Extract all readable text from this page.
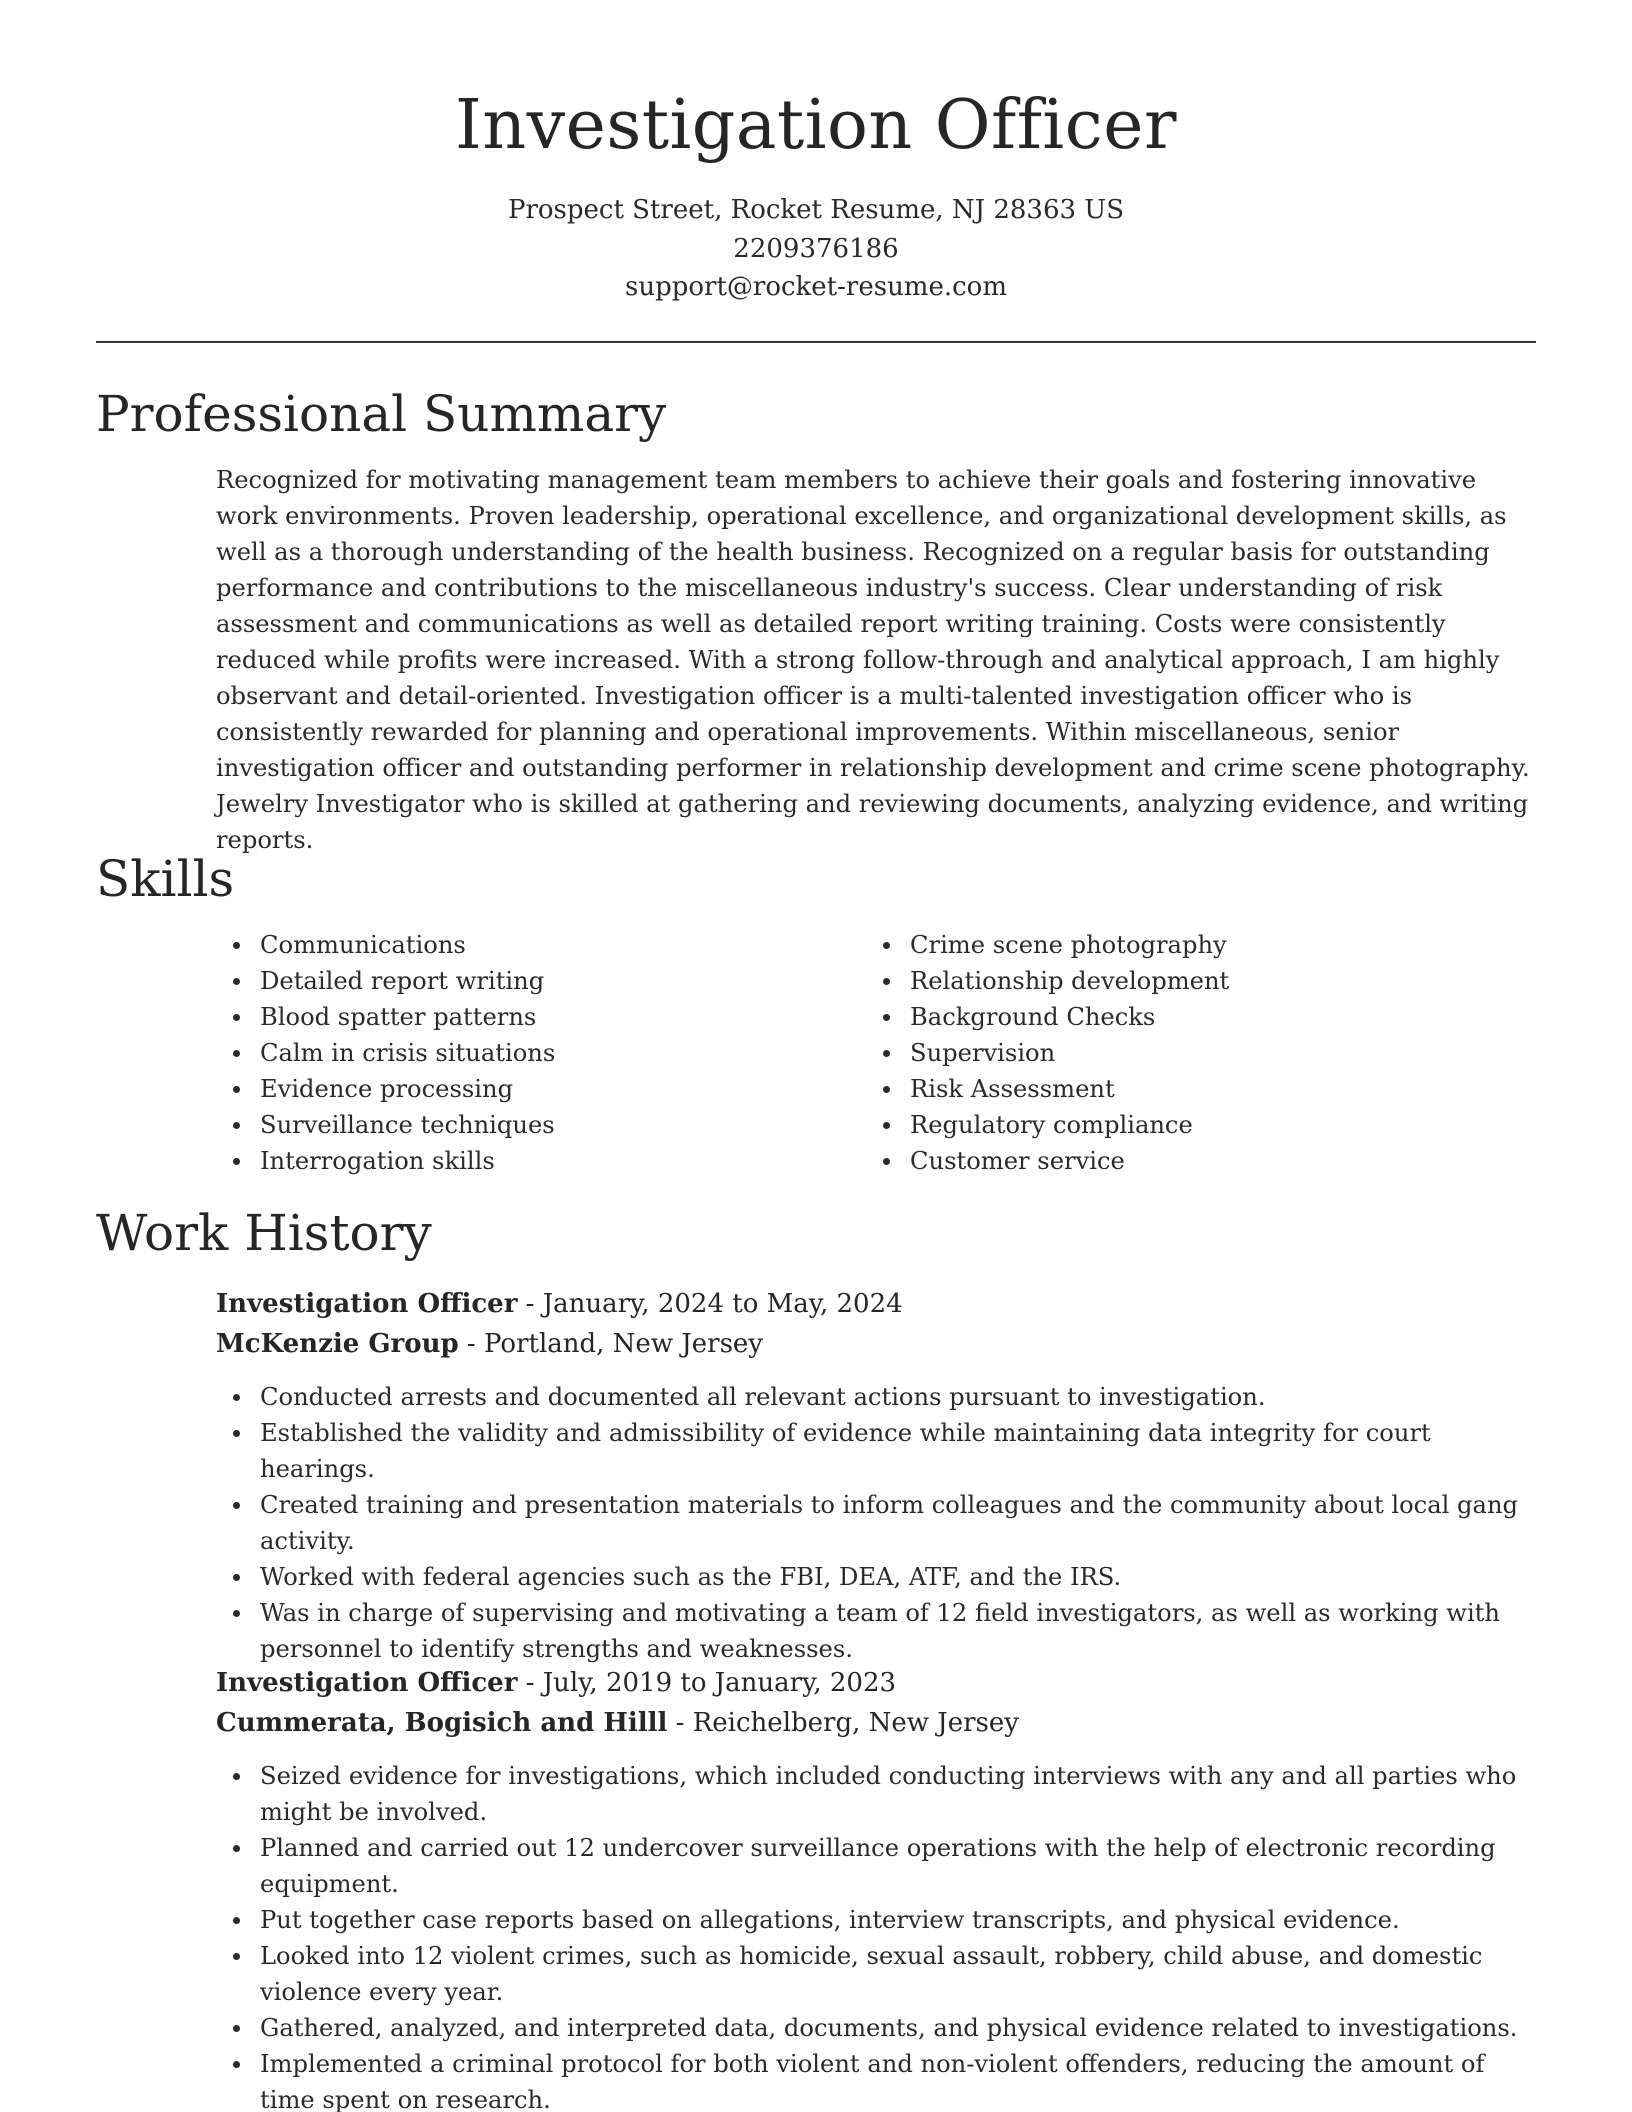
Investigation Officer
Prospect Street, Rocket Resume, NJ 28363 US
2209376186
support@rocket-resume.com
Professional Summary
Recognized for motivating management team members to achieve their goals and fostering innovative work environments. Proven leadership, operational excellence, and organizational development skills, as well as a thorough understanding of the health business. Recognized on a regular basis for outstanding performance and contributions to the miscellaneous industry's success. Clear understanding of risk assessment and communications as well as detailed report writing training. Costs were consistently reduced while profits were increased. With a strong follow-through and analytical approach, I am highly observant and detail-oriented. Investigation officer is a multi-talented investigation officer who is consistently rewarded for planning and operational improvements. Within miscellaneous, senior investigation officer and outstanding performer in relationship development and crime scene photography. Jewelry Investigator who is skilled at gathering and reviewing documents, analyzing evidence, and writing reports.
Skills
Communications
Detailed report writing
Blood spatter patterns
Calm in crisis situations
Evidence processing
Surveillance techniques
Interrogation skills
Crime scene photography
Relationship development
Background Checks
Supervision
Risk Assessment
Regulatory compliance
Customer service
Work History
Investigation Officer - January, 2024 to May, 2024
McKenzie Group - Portland, New Jersey
Conducted arrests and documented all relevant actions pursuant to investigation.
Established the validity and admissibility of evidence while maintaining data integrity for court hearings.
Created training and presentation materials to inform colleagues and the community about local gang activity.
Worked with federal agencies such as the FBI, DEA, ATF, and the IRS.
Was in charge of supervising and motivating a team of 12 field investigators, as well as working with personnel to identify strengths and weaknesses.
Investigation Officer - July, 2019 to January, 2023
Cummerata, Bogisich and Hilll - Reichelberg, New Jersey
Seized evidence for investigations, which included conducting interviews with any and all parties who might be involved.
Planned and carried out 12 undercover surveillance operations with the help of electronic recording equipment.
Put together case reports based on allegations, interview transcripts, and physical evidence.
Looked into 12 violent crimes, such as homicide, sexual assault, robbery, child abuse, and domestic violence every year.
Gathered, analyzed, and interpreted data, documents, and physical evidence related to investigations.
Implemented a criminal protocol for both violent and non-violent offenders, reducing the amount of time spent on research.
